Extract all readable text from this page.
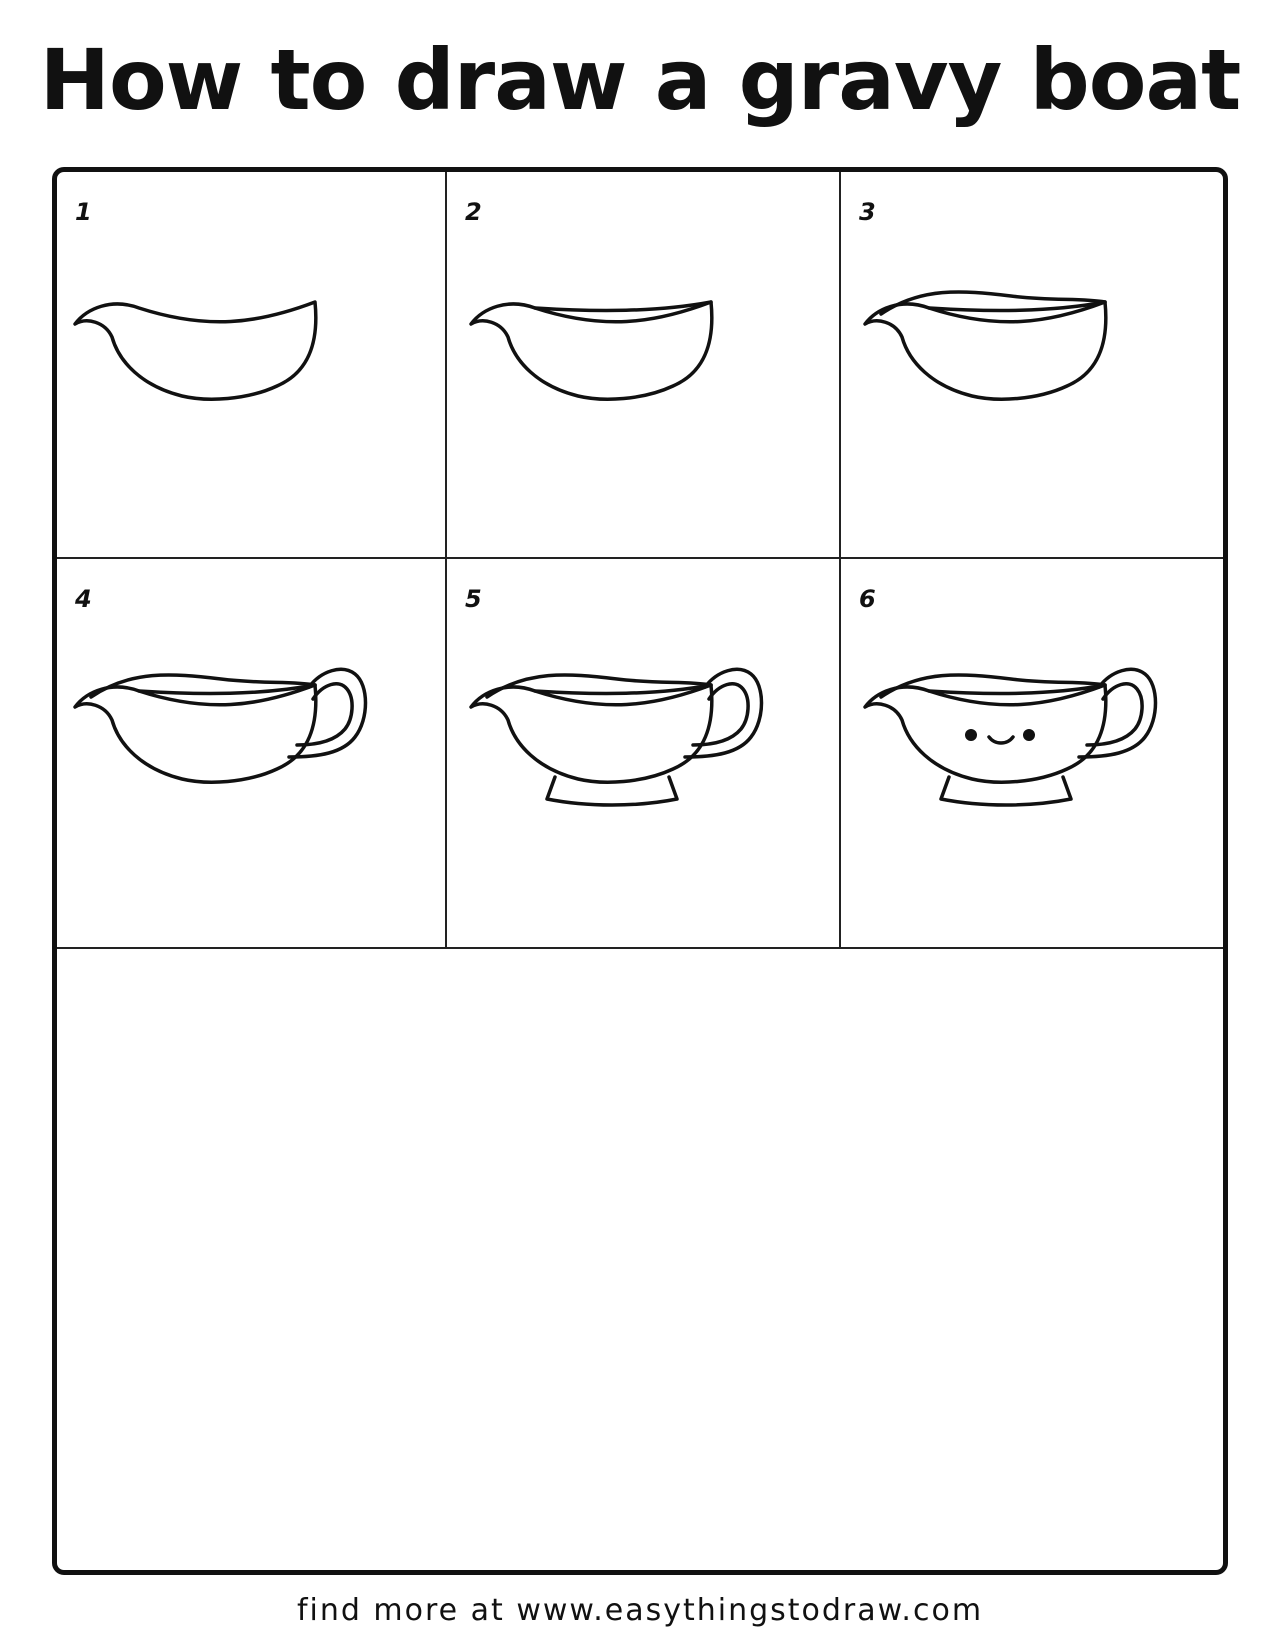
How to draw a gravy boat
1	2	3
4	5	6
find more at www.easythingstodraw.com
